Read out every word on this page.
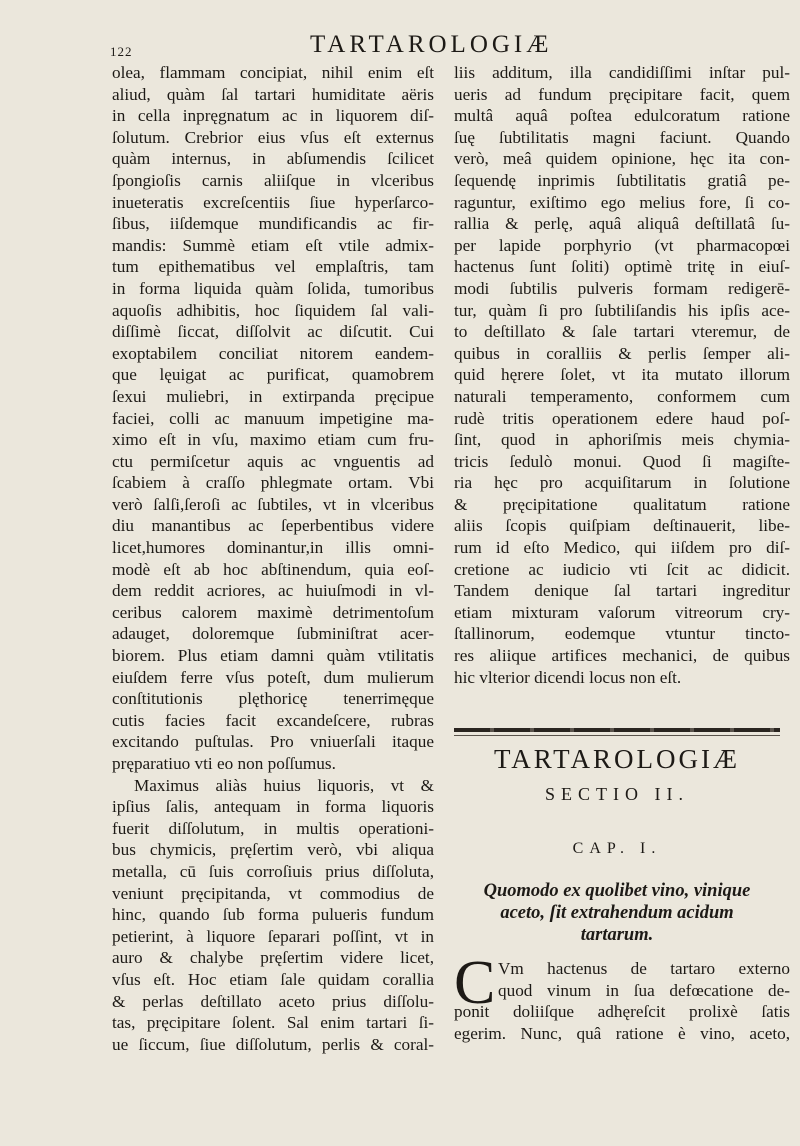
122	TARTAROLOGIÆ
olea, flammam concipiat, nihil enim eſt
aliud, quàm ſal tartari humiditate aëris
in cella inpręgnatum ac in liquorem diſ-
ſolutum. Crebrior eius vſus eſt externus
quàm internus, in abſumendis ſcilicet
ſpongioſis carnis aliiſque in vlceribus
inueteratis excreſcentiis ſiue hyperſarco-
ſibus, iiſdemque mundificandis ac fir-
mandis: Summè etiam eſt vtile admix-
tum epithematibus vel emplaſtris, tam
in forma liquida quàm ſolida, tumoribus
aquoſis adhibitis, hoc ſiquidem ſal vali-
diſſimè ſiccat, diſſolvit ac diſcutit. Cui
exoptabilem conciliat nitorem eandem-
que lęuigat ac purificat, quamobrem
ſexui muliebri, in extirpanda pręcipue
faciei, colli ac manuum impetigine ma-
ximo eſt in vſu, maximo etiam cum fru-
ctu permiſcetur aquis ac vnguentis ad
ſcabiem à craſſo phlegmate ortam. Vbi
verò ſalſi,ſeroſi ac ſubtiles, vt in vlceribus
diu manantibus ac ſeperbentibus videre
licet,humores dominantur,in illis omni-
modè eſt ab hoc abſtinendum, quia eoſ-
dem reddit acriores, ac huiuſmodi in vl-
ceribus calorem maximè detrimentoſum
adauget, doloremque ſubminiſtrat acer-
biorem. Plus etiam damni quàm vtilitatis
eiuſdem ferre vſus poteſt, dum mulierum
conſtitutionis plęthoricę tenerrimęque
cutis facies facit excandeſcere, rubras
excitando puſtulas. Pro vniuerſali itaque
pręparatiuo vti eo non poſſumus.
Maximus aliàs huius liquoris, vt &
ipſius ſalis, antequam in forma liquoris
fuerit diſſolutum, in multis operationi-
bus chymicis, pręſertim verò, vbi aliqua
metalla, cū ſuis corroſiuis prius diſſoluta,
veniunt pręcipitanda, vt commodius de
hinc, quando ſub forma pulueris fundum
petierint, à liquore ſeparari poſſint, vt in
auro & chalybe pręſertim videre licet,
vſus eſt. Hoc etiam ſale quidam corallia
& perlas deſtillato aceto prius diſſolu-
tas, pręcipitare ſolent. Sal enim tartari ſi-
ue ſiccum, ſiue diſſolutum, perlis & coral-
liis additum, illa candidiſſimi inſtar pul-
ueris ad fundum pręcipitare facit, quem
multâ aquâ poſtea edulcoratum ratione
ſuę ſubtilitatis magni faciunt. Quando
verò, meâ quidem opinione, hęc ita con-
ſequendę inprimis ſubtilitatis gratiâ pe-
raguntur, exiſtimo ego melius fore, ſi co-
rallia & perlę, aquâ aliquâ deſtillatâ ſu-
per lapide porphyrio (vt pharmacopœi
hactenus ſunt ſoliti) optimè tritę in eiuſ-
modi ſubtilis pulveris formam redigerē-
tur, quàm ſi pro ſubtiliſandis his ipſis ace-
to deſtillato & ſale tartari vteremur, de
quibus in coralliis & perlis ſemper ali-
quid hęrere ſolet, vt ita mutato illorum
naturali temperamento, conformem cum
rudè tritis operationem edere haud poſ-
ſint, quod in aphoriſmis meis chymia-
tricis ſedulò monui. Quod ſi magiſte-
ria hęc pro acquiſitarum in ſolutione
& pręcipitatione qualitatum ratione
aliis ſcopis quiſpiam deſtinauerit, libe-
rum id eſto Medico, qui iiſdem pro diſ-
cretione ac iudicio vti ſcit ac didicit.
Tandem denique ſal tartari ingreditur
etiam mixturam vaſorum vitreorum cry-
ſtallinorum, eodemque vtuntur tincto-
res aliique artifices mechanici, de quibus
hic vlterior dicendi locus non eſt.
TARTAROLOGIÆ
SECTIO II.
CAP. I.
Quomodo ex quolibet vino, vinique
aceto, ſit extrahendum acidum
tartarum.
C Vm hactenus de tartaro externo
quod vinum in ſua defœcatione de-
ponit doliiſque adhęreſcit prolixè ſatis
egerim. Nunc, quâ ratione è vino, aceto,
